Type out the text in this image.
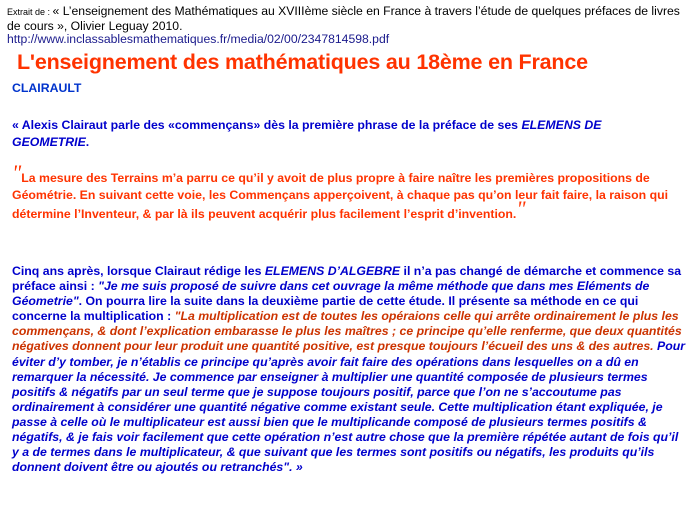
Extrait de : « L’enseignement des Mathématiques au XVIIIème siècle en France à travers l’étude de quelques préfaces de livres de cours », Olivier Leguay 2010.
http://www.inclassablesmathematiques.fr/media/02/00/2347814598.pdf
L'enseignement des mathématiques au 18ème en France
CLAIRAULT
« Alexis Clairaut parle des «commençans» dès la première phrase de la préface de ses ELEMENS DE GEOMETRIE.
"La mesure des Terrains m’a parru ce qu’il y avoit de plus propre à faire naître les premières propositions de Géométrie. En suivant cette voie, les Commençans apperçoivent, à chaque pas qu’on leur fait faire, la raison qui détermine l’Inventeur, & par là ils peuvent acquérir plus facilement l’esprit d’invention."
Cinq ans après, lorsque Clairaut rédige les ELEMENS D’ALGEBRE il n’a pas changé de démarche et commence sa préface ainsi : "Je me suis proposé de suivre dans cet ouvrage la même méthode que dans mes Eléments de Géometrie". On pourra lire la suite dans la deuxième partie de cette étude. Il présente sa méthode en ce qui concerne la multiplication : "La multiplication est de toutes les opéraions celle qui arrête ordinairement le plus les commençans, & dont l’explication embarasse le plus les maîtres ; ce principe qu’elle renferme, que deux quantités négatives donnent pour leur produit une quantité positive, est presque toujours l’écueil des uns & des autres. Pour éviter d’y tomber, je n’établis ce principe qu’après avoir fait faire des opérations dans lesquelles on a dû en remarquer la nécessité. Je commence par enseigner à multiplier une quantité composée de plusieurs termes positifs & négatifs par un seul terme que je suppose toujours positif, parce que l’on ne s’accoutume pas ordinairement à considérer une quantité négative comme existant seule. Cette multiplication étant expliquée, je passe à celle où le multiplicateur est aussi bien que le multiplicande composé de plusieurs termes positifs & négatifs, & je fais voir facilement que cette opération n’est autre chose que la première répétée autant de fois qu’il y a de termes dans le multiplicateur, & que suivant que les termes sont positifs ou négatifs, les produits qu’ils donnent doivent être ou ajoutés ou retranchés". »
